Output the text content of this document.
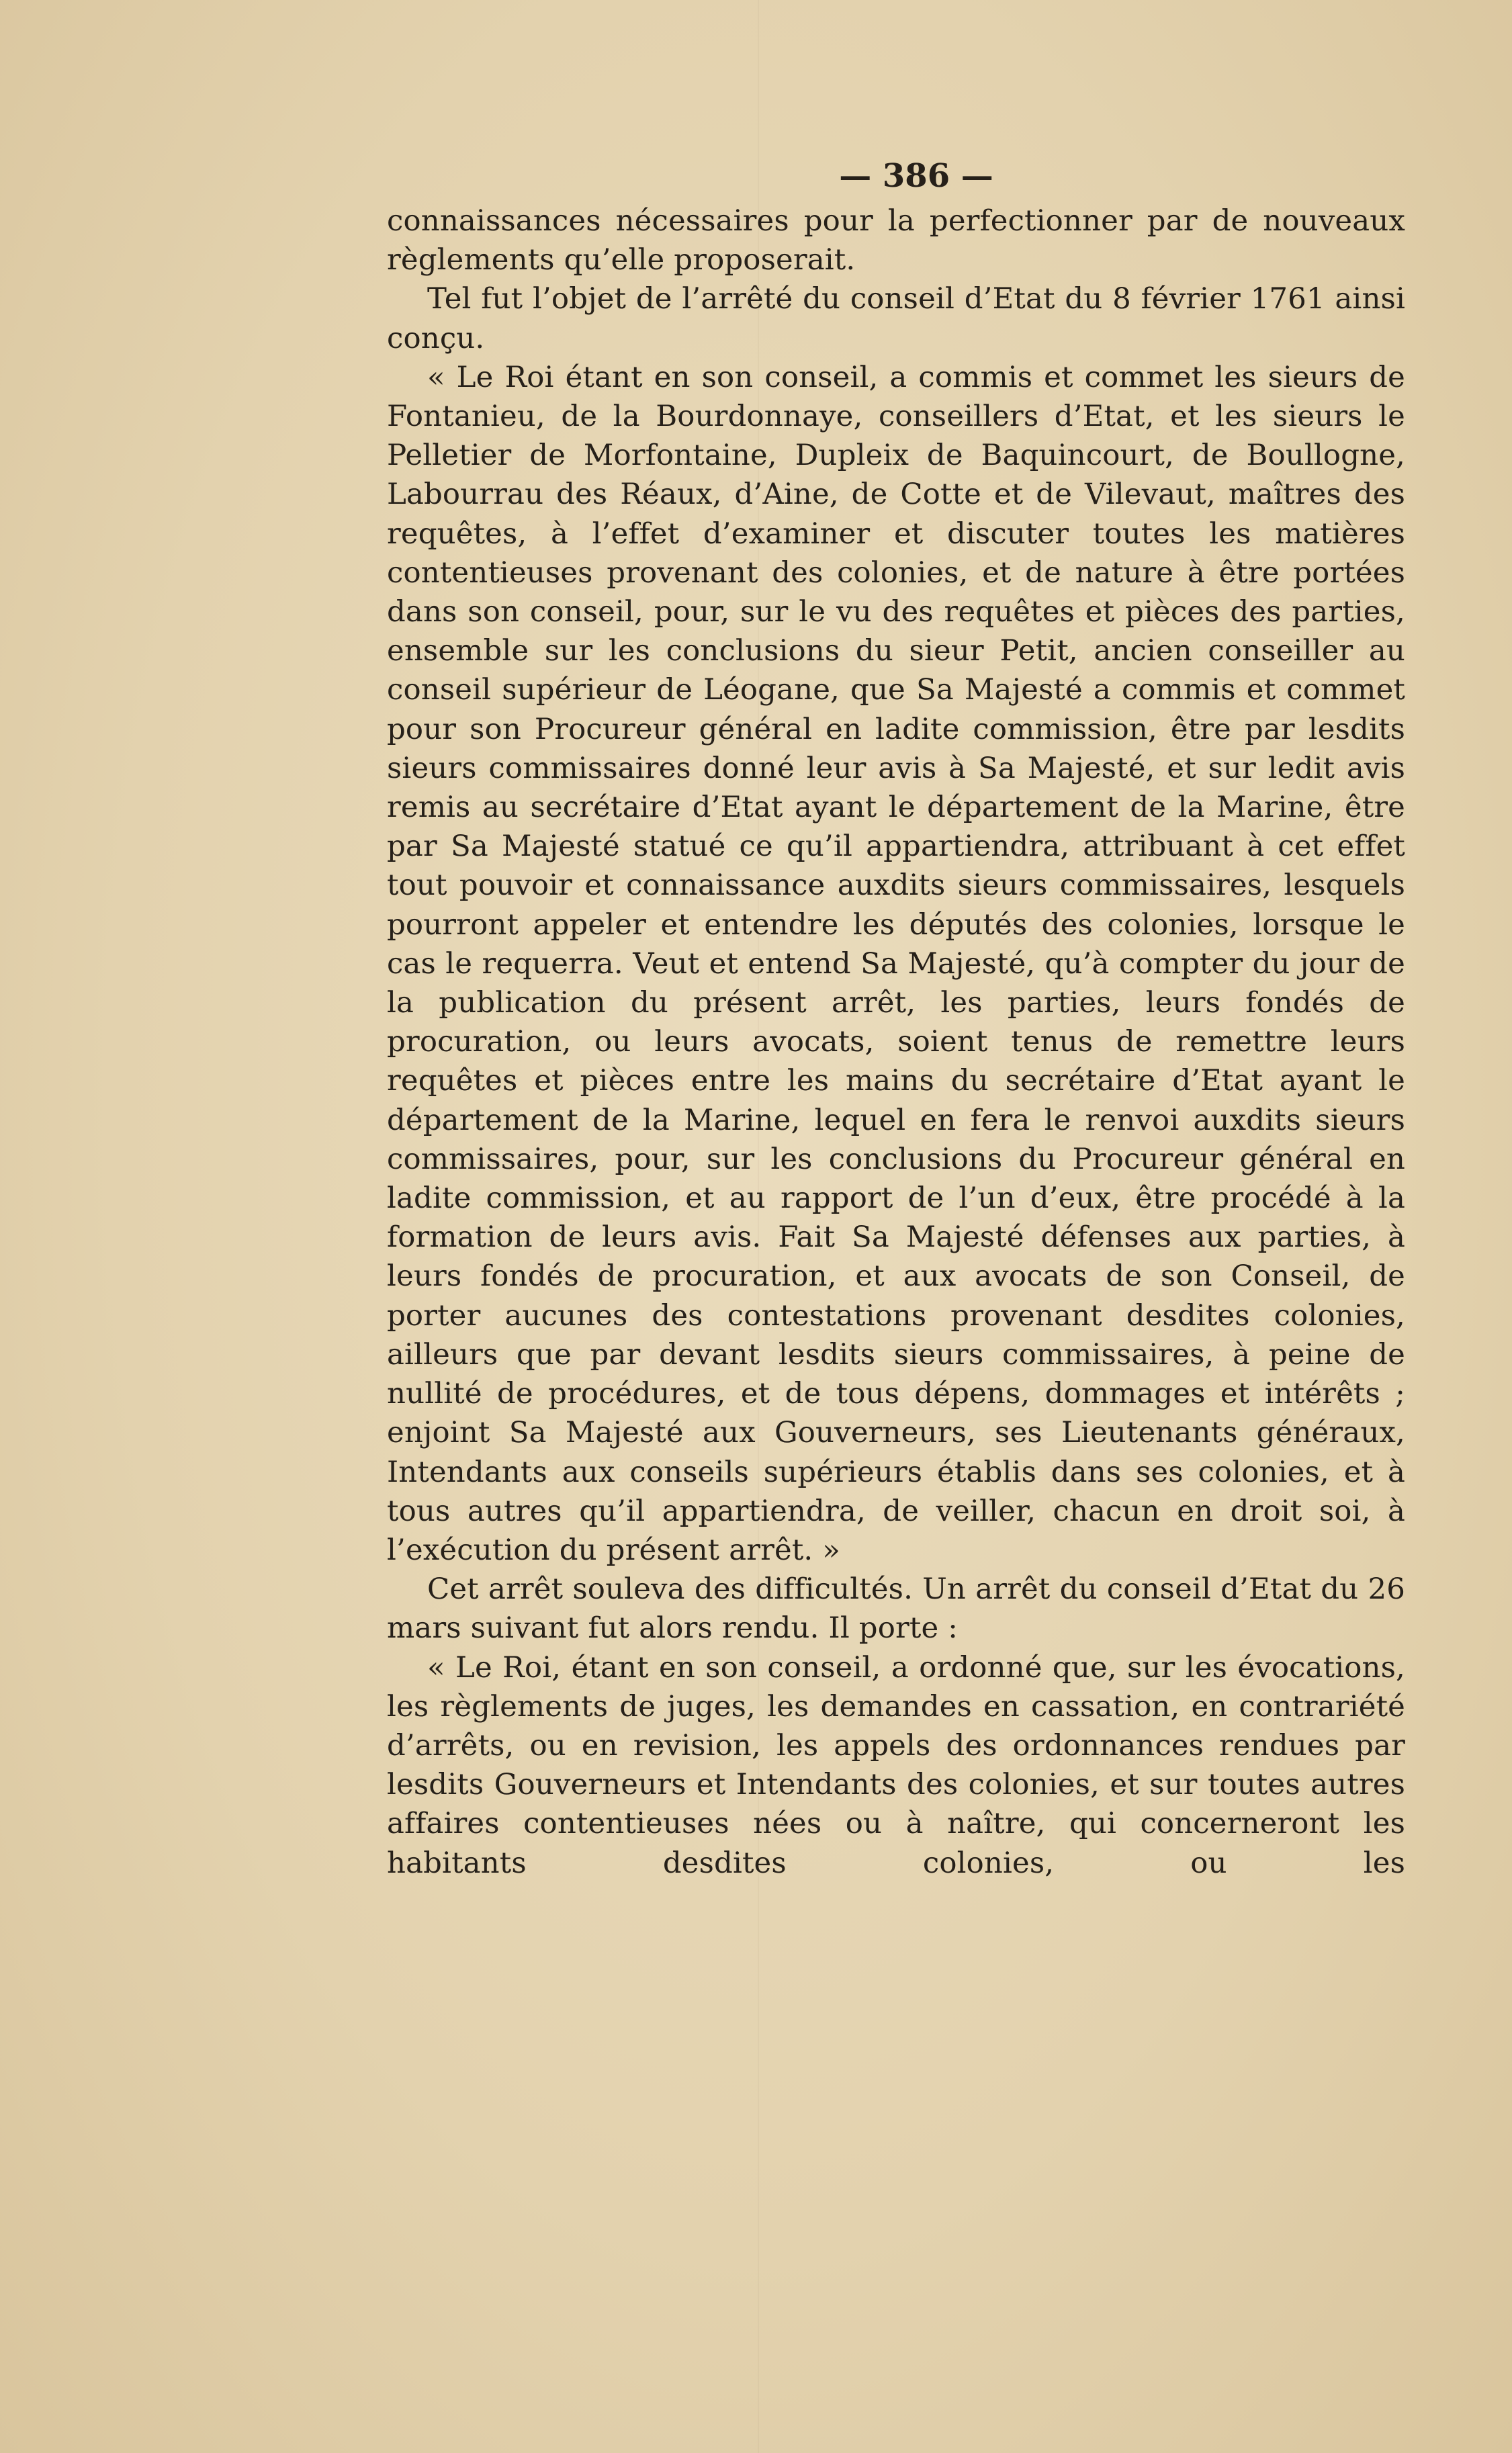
— 386 —

connaissances nécessaires pour la perfectionner par de nouveaux règlements qu’elle proposerait.

Tel fut l’objet de l’arrêté du conseil d’Etat du 8 février 1761 ainsi conçu.

« Le Roi étant en son conseil, a commis et commet les sieurs de Fontanieu, de la Bourdonnaye, conseillers d’Etat, et les sieurs le Pelletier de Morfontaine, Dupleix de Baquincourt, de Boullogne, Labourrau des Réaux, d’Aine, de Cotte et de Vilevaut, maîtres des requêtes, à l’effet d’examiner et discuter toutes les matières contentieuses provenant des colonies, et de nature à être portées dans son conseil, pour, sur le vu des requêtes et pièces des parties, ensemble sur les conclusions du sieur Petit, ancien conseiller au conseil supérieur de Léogane, que Sa Majesté a commis et commet pour son Procureur général en ladite commission, être par lesdits sieurs commissaires donné leur avis à Sa Majesté, et sur ledit avis remis au secrétaire d’Etat ayant le département de la Marine, être par Sa Majesté statué ce qu’il appartiendra, attribuant à cet effet tout pouvoir et connaissance auxdits sieurs commissaires, lesquels pourront appeler et entendre les députés des colonies, lorsque le cas le requerra. Veut et entend Sa Majesté, qu’à compter du jour de la publication du présent arrêt, les parties, leurs fondés de procuration, ou leurs avocats, soient tenus de remettre leurs requêtes et pièces entre les mains du secrétaire d’Etat ayant le département de la Marine, lequel en fera le renvoi auxdits sieurs commissaires, pour, sur les conclusions du Procureur général en ladite commission, et au rapport de l’un d’eux, être procédé à la formation de leurs avis. Fait Sa Majesté défenses aux parties, à leurs fondés de procuration, et aux avocats de son Conseil, de porter aucunes des contestations provenant desdites colonies, ailleurs que par devant lesdits sieurs commissaires, à peine de nullité de procédures, et de tous dépens, dommages et intérêts ; enjoint Sa Majesté aux Gouverneurs, ses Lieutenants généraux, Intendants aux conseils supérieurs établis dans ses colonies, et à tous autres qu’il appartiendra, de veiller, chacun en droit soi, à l’exécution du présent arrêt. »

Cet arrêt souleva des difficultés. Un arrêt du conseil d’Etat du 26 mars suivant fut alors rendu. Il porte :

« Le Roi, étant en son conseil, a ordonné que, sur les évocations, les règlements de juges, les demandes en cassation, en contrariété d’arrêts, ou en revision, les appels des ordonnances rendues par lesdits Gouverneurs et Intendants des colonies, et sur toutes autres affaires contentieuses nées ou à naître, qui concerneront les habitants desdites colonies, ou les
